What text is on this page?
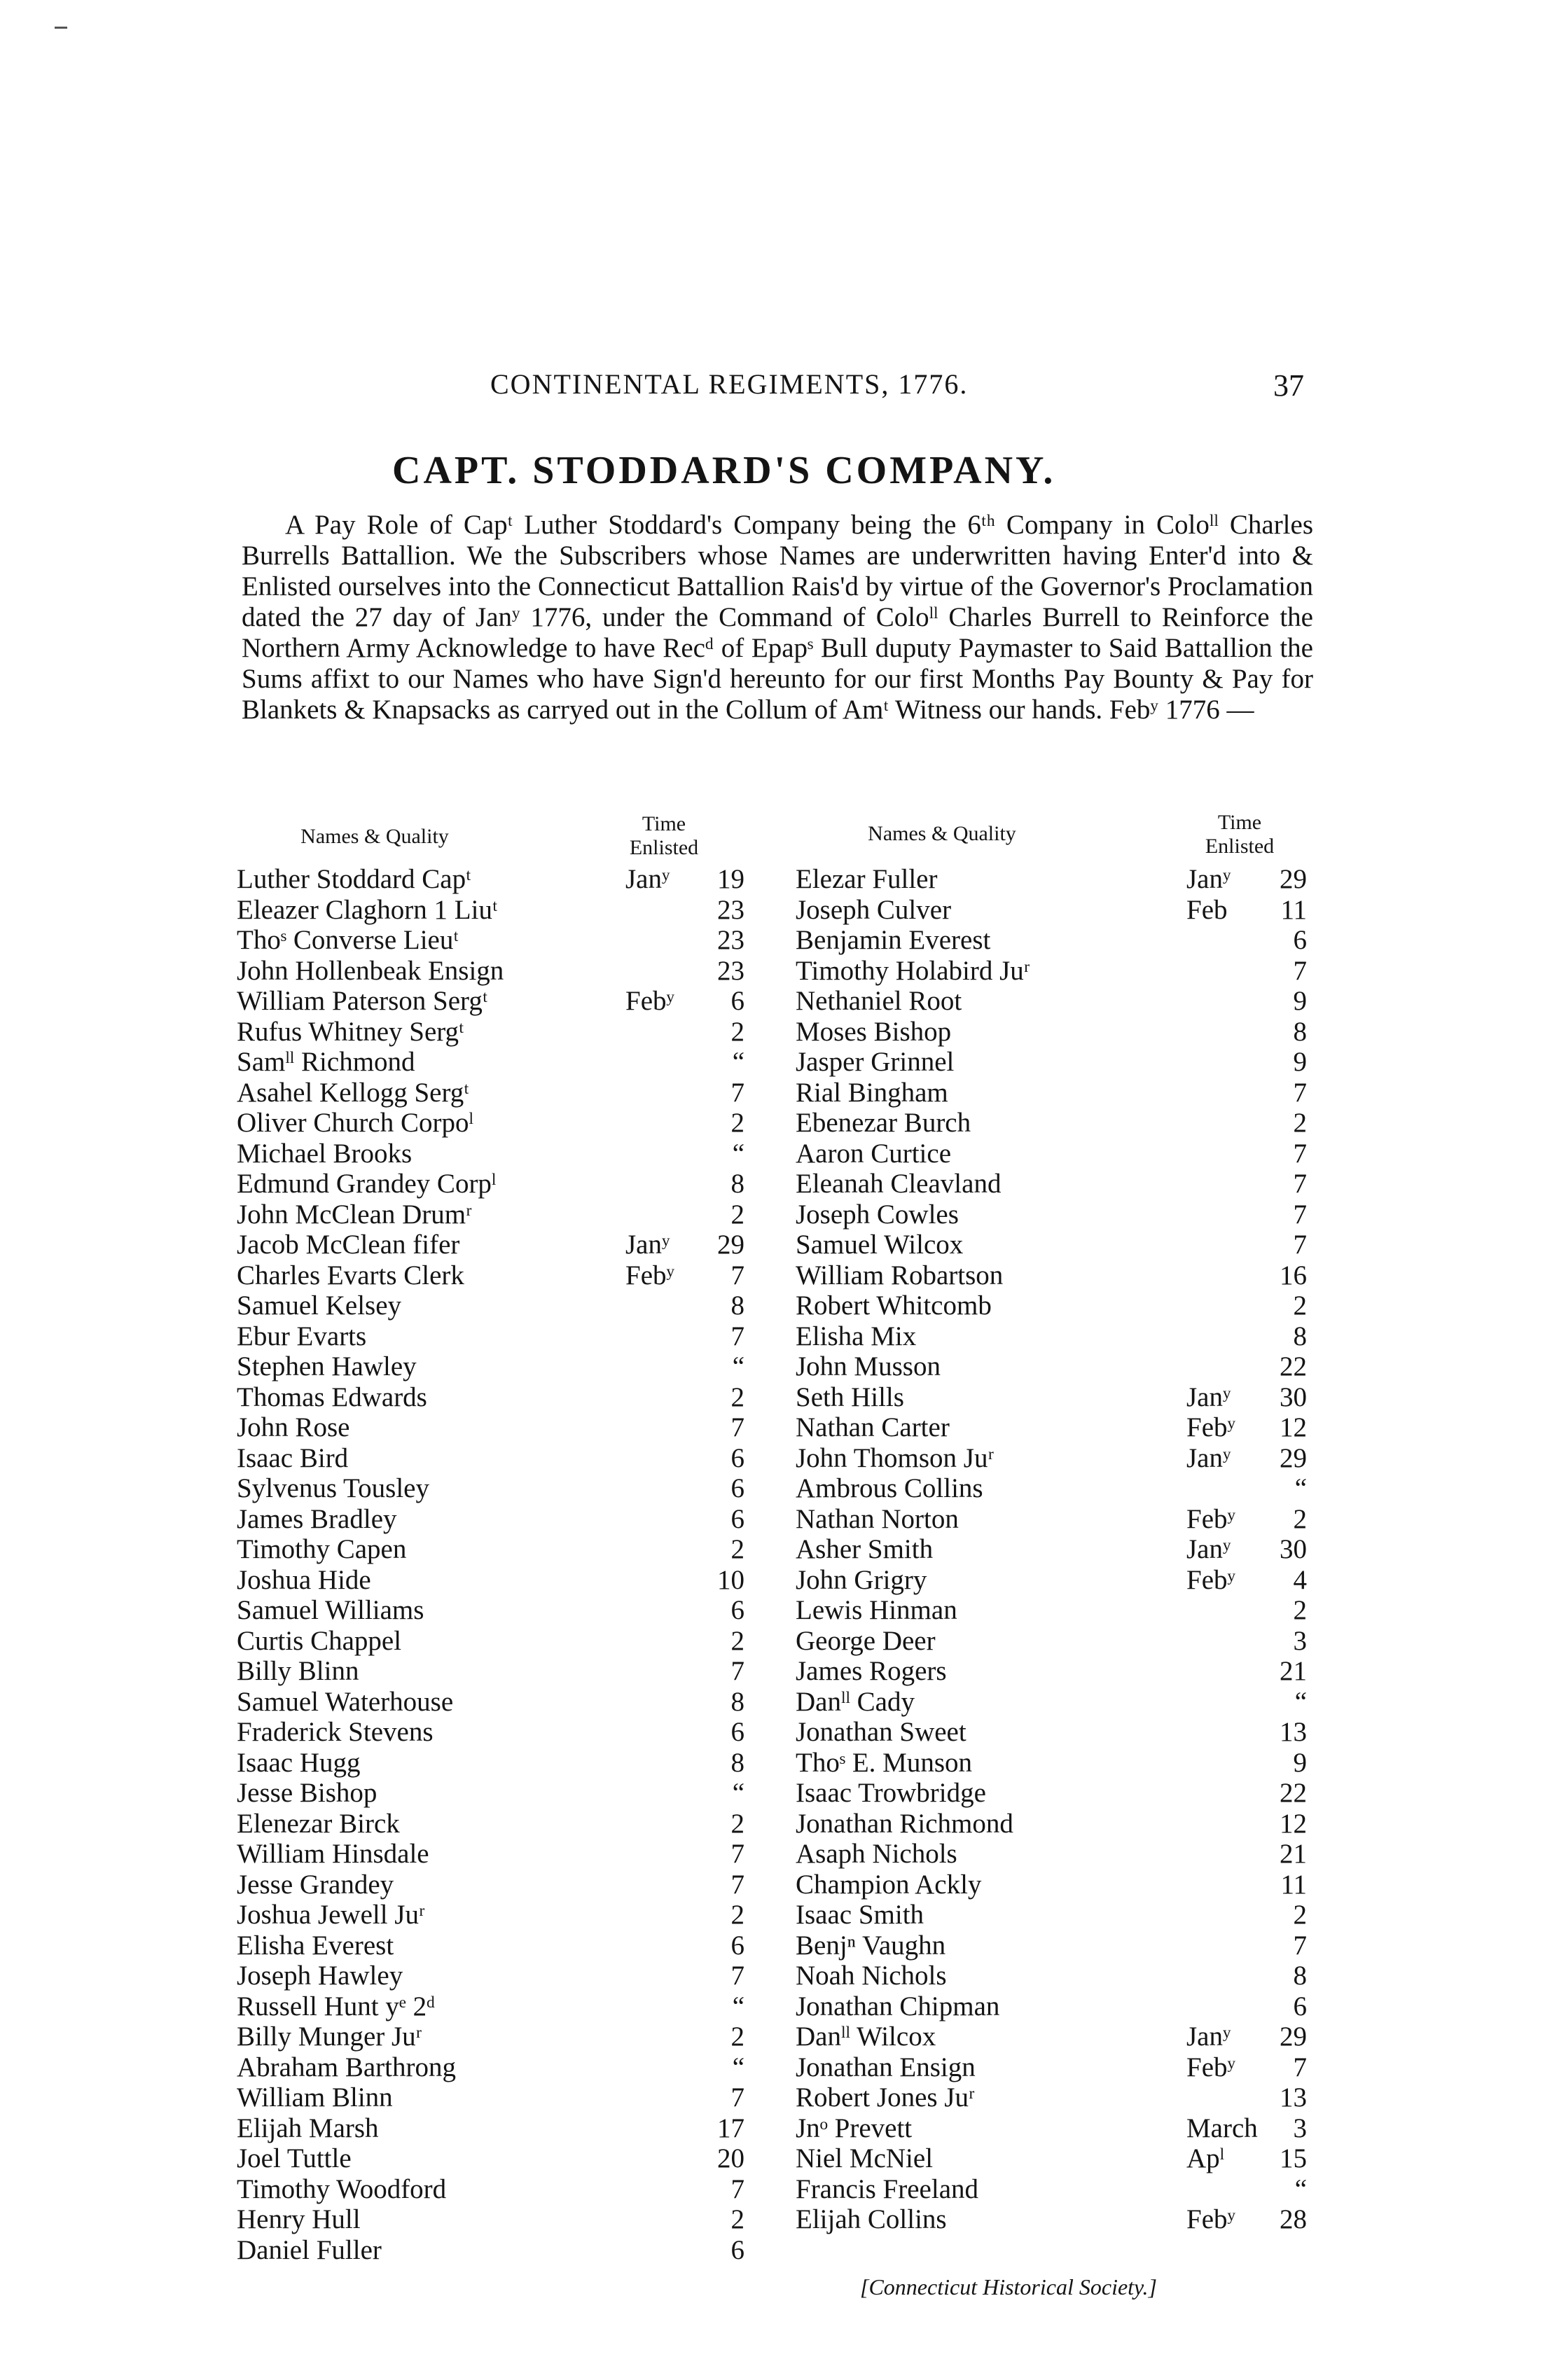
CONTINENTAL REGIMENTS, 1776.	37
CAPT. STODDARD'S COMPANY.
A Pay Role of Capᵗ Luther Stoddard's Company being the 6ᵗʰ Company in Coloˡˡ Charles Burrells Battallion. We the Subscribers whose Names are underwritten having Enter'd into & Enlisted ourselves into the Connecticut Battallion Rais'd by virtue of the Governor's Proclamation dated the 27 day of Janʸ 1776, under the Command of Coloˡˡ Charles Burrell to Reinforce the Northern Army Acknowledge to have Recᵈ of Epapˢ Bull duputy Paymaster to Said Battallion the Sums affixt to our Names who have Sign'd hereunto for our first Months Pay Bounty & Pay for Blankets & Knapsacks as carryed out in the Collum of Amᵗ Witness our hands. Febʸ 1776 —
Names & Quality
Time
Enlisted
Names & Quality	Time
Enlisted
Luther Stoddard Capᵗ	Janʸ 19
Eleazer Claghorn 1 Liuᵗ	23
Thoˢ Converse Lieuᵗ	23
John Hollenbeak Ensign	23
William Paterson Sergᵗ	Febʸ 6
Rufus Whitney Sergᵗ	2
Samˡˡ Richmond	“
Asahel Kellogg Sergᵗ	7
Oliver Church Corpoˡ	2
Michael Brooks	“
Edmund Grandey Corpˡ	8
John McClean Drumʳ	2
Jacob McClean fifer	Janʸ 29
Charles Evarts Clerk	Febʸ 7
Samuel Kelsey	8
Ebur Evarts	7
Stephen Hawley	“
Thomas Edwards	2
John Rose	7
Isaac Bird	6
Sylvenus Tousley	6
James Bradley	6
Timothy Capen	2
Joshua Hide	10
Samuel Williams	6
Curtis Chappel	2
Billy Blinn	7
Samuel Waterhouse	8
Fraderick Stevens	6
Isaac Hugg	8
Jesse Bishop	“
Elenezar Birck	2
William Hinsdale	7
Jesse Grandey	7
Joshua Jewell Juʳ	2
Elisha Everest	6
Joseph Hawley	7
Russell Hunt yᵉ 2ᵈ	“
Billy Munger Juʳ	2
Abraham Barthrong	“
William Blinn	7
Elijah Marsh	17
Joel Tuttle	20
Timothy Woodford	7
Henry Hull	2
Daniel Fuller	6
Elezar Fuller	Janʸ 29
Joseph Culver	Feb 11
Benjamin Everest	6
Timothy Holabird Juʳ	7
Nethaniel Root	9
Moses Bishop	8
Jasper Grinnel	9
Rial Bingham	7
Ebenezar Burch	2
Aaron Curtice	7
Eleanah Cleavland	7
Joseph Cowles	7
Samuel Wilcox	7
William Robartson	16
Robert Whitcomb	2
Elisha Mix	8
John Musson	22
Seth Hills	Janʸ 30
Nathan Carter	Febʸ 12
John Thomson Juʳ	Janʸ 29
Ambrous Collins	“
Nathan Norton	Febʸ 2
Asher Smith	Janʸ 30
John Grigry	Febʸ 4
Lewis Hinman	2
George Deer	3
James Rogers	21
Danˡˡ Cady	“
Jonathan Sweet	13
Thoˢ E. Munson	9
Isaac Trowbridge	22
Jonathan Richmond	12
Asaph Nichols	21
Champion Ackly	11
Isaac Smith	2
Benjⁿ Vaughn	7
Noah Nichols	8
Jonathan Chipman	6
Danˡˡ Wilcox	Janʸ 29
Jonathan Ensign	Febʸ 7
Robert Jones Juʳ	13
Jnᵒ Prevett	March 3
Niel McNiel	Apˡ 15
Francis Freeland	“
Elijah Collins	Febʸ 28
[Connecticut Historical Society.]
